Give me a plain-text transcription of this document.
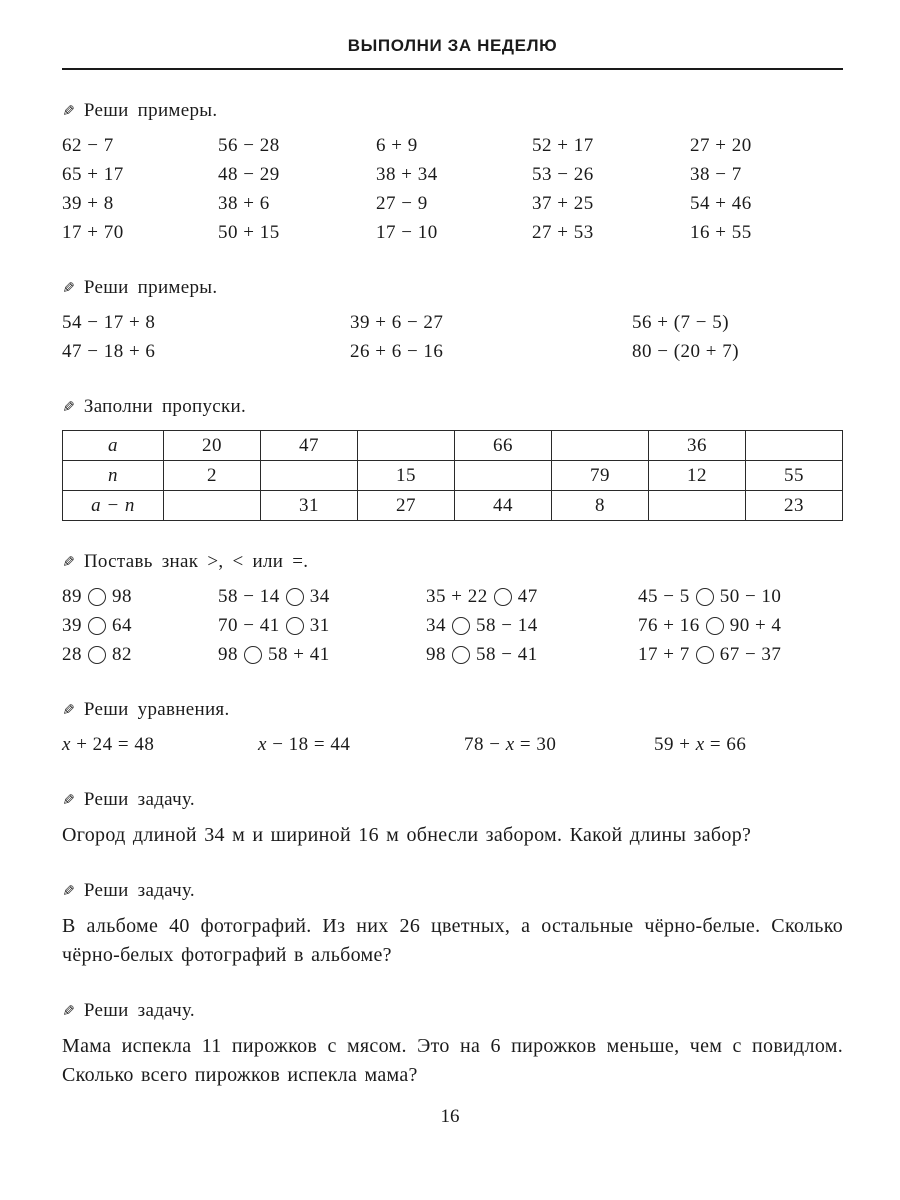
ВЫПОЛНИ ЗА НЕДЕЛЮ
✎ Реши примеры.
62 − 7	56 − 28	6 + 9	52 + 17	27 + 20
65 + 17	48 − 29	38 + 34	53 − 26	38 − 7
39 + 8	38 + 6	27 − 9	37 + 25	54 + 46
17 + 70	50 + 15	17 − 10	27 + 53	16 + 55
✎ Реши примеры.
54 − 17 + 8	39 + 6 − 27	56 + (7 − 5)
47 − 18 + 6	26 + 6 − 16	80 − (20 + 7)
✎ Заполни пропуски.
a	20	47		66		36	
n	2		15		79	12	55
a − n		31	27	44	8		23
✎ Поставь знак >, < или =.
89 98	58 − 14 34	35 + 22 47	45 − 5 50 − 10
39 64	70 − 41 31	34 58 − 14	76 + 16 90 + 4
28 82	98 58 + 41	98 58 − 41	17 + 7 67 − 37
✎ Реши уравнения.
x + 24 = 48	x − 18 = 44	78 − x = 30	59 + x = 66
✎ Реши задачу.

Огород длиной 34 м и шириной 16 м обнесли забором. Какой длины забор?

✎ Реши задачу.

В альбоме 40 фотографий. Из них 26 цветных, а остальные чёрно-белые. Сколько чёрно-белых фотографий в альбоме?

✎ Реши задачу.

Мама испекла 11 пирожков с мясом. Это на 6 пирожков меньше, чем с повидлом. Сколько всего пирожков испекла мама?

16
